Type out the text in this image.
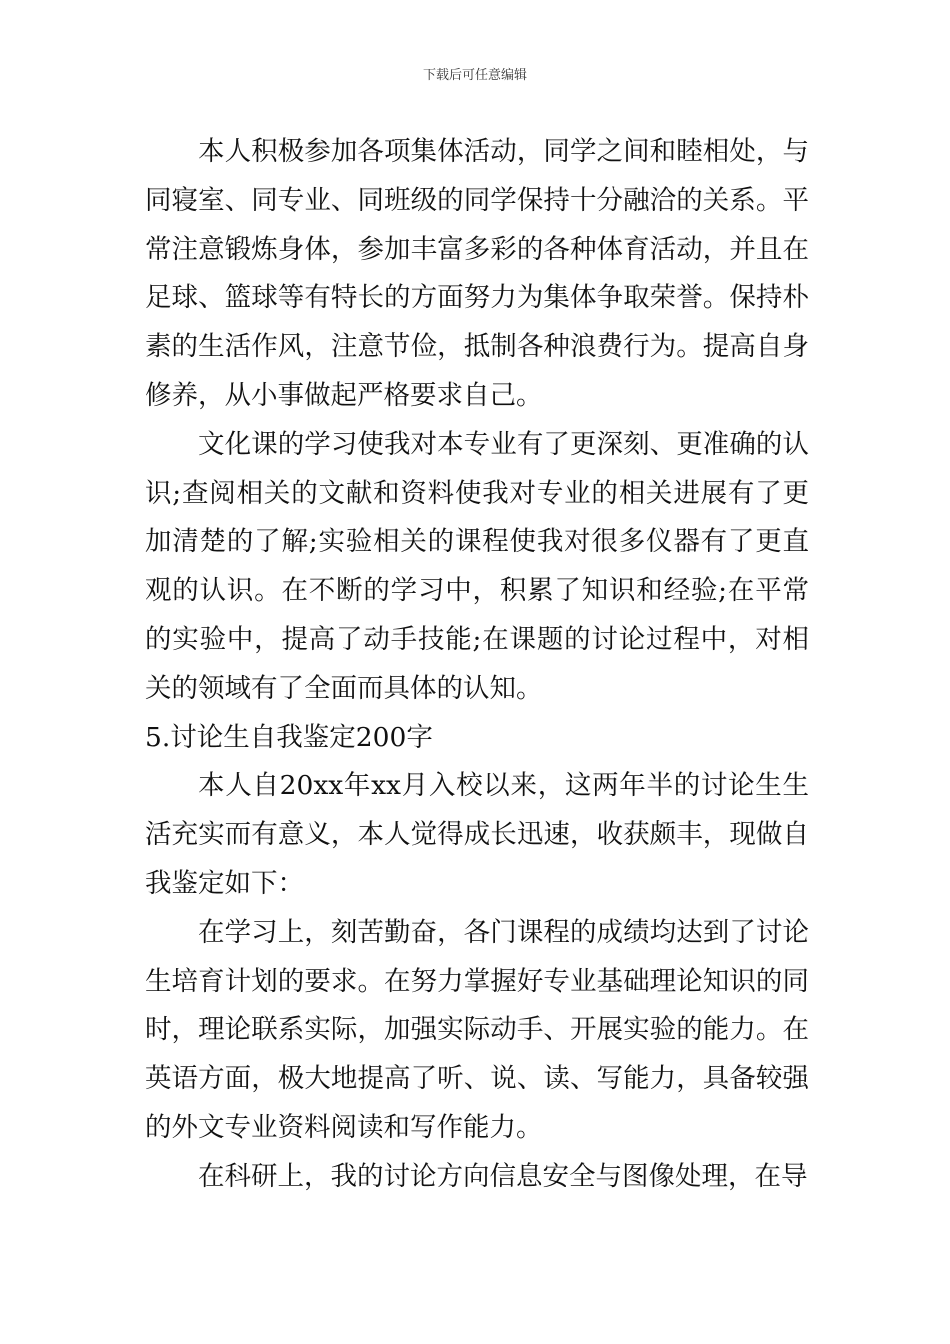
下载后可任意编辑

本人积极参加各项集体活动，同学之间和睦相处，与同寝室、同专业、同班级的同学保持十分融洽的关系。平常注意锻炼身体，参加丰富多彩的各种体育活动，并且在足球、篮球等有特长的方面努力为集体争取荣誉。保持朴素的生活作风，注意节俭，抵制各种浪费行为。提高自身修养，从小事做起严格要求自己。

文化课的学习使我对本专业有了更深刻、更准确的认识;查阅相关的文献和资料使我对专业的相关进展有了更加清楚的了解;实验相关的课程使我对很多仪器有了更直观的认识。在不断的学习中，积累了知识和经验;在平常的实验中，提高了动手技能;在课题的讨论过程中，对相关的领域有了全面而具体的认知。

5.讨论生自我鉴定200字

本人自20xx年xx月入校以来，这两年半的讨论生生活充实而有意义，本人觉得成长迅速，收获颇丰，现做自我鉴定如下：

在学习上，刻苦勤奋，各门课程的成绩均达到了讨论生培育计划的要求。在努力掌握好专业基础理论知识的同时，理论联系实际，加强实际动手、开展实验的能力。在英语方面，极大地提高了听、说、读、写能力，具备较强的外文专业资料阅读和写作能力。

在科研上，我的讨论方向信息安全与图像处理，在导
